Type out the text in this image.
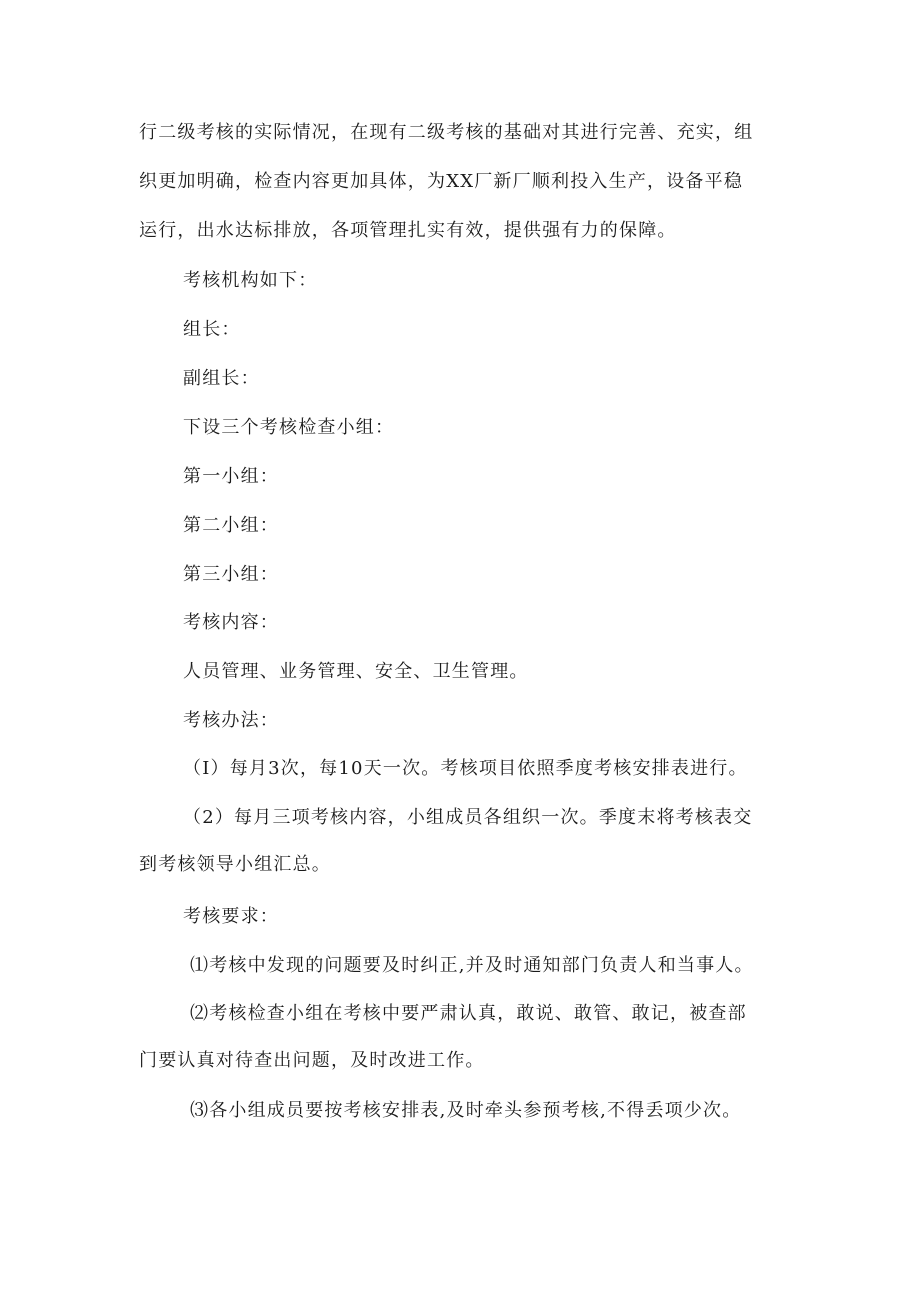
行二级考核的实际情况，在现有二级考核的基础对其进行完善、充实，组
织更加明确，检查内容更加具体，为XX厂新厂顺利投入生产，设备平稳
运行，出水达标排放，各项管理扎实有效，提供强有力的保障。
考核机构如下：
组长：
副组长：
下设三个考核检查小组：
第一小组：
第二小组：
第三小组：
考核内容：
人员管理、业务管理、安全、卫生管理。
考核办法：
（I）每月3次，每10天一次。考核项目依照季度考核安排表进行。
（2）每月三项考核内容，小组成员各组织一次。季度末将考核表交
到考核领导小组汇总。
考核要求：
⑴考核中发现的问题要及时纠正,并及时通知部门负责人和当事人。
⑵考核检查小组在考核中要严肃认真，敢说、敢管、敢记，被查部
门要认真对待查出问题，及时改进工作。
⑶各小组成员要按考核安排表,及时牵头参预考核,不得丢项少次。
